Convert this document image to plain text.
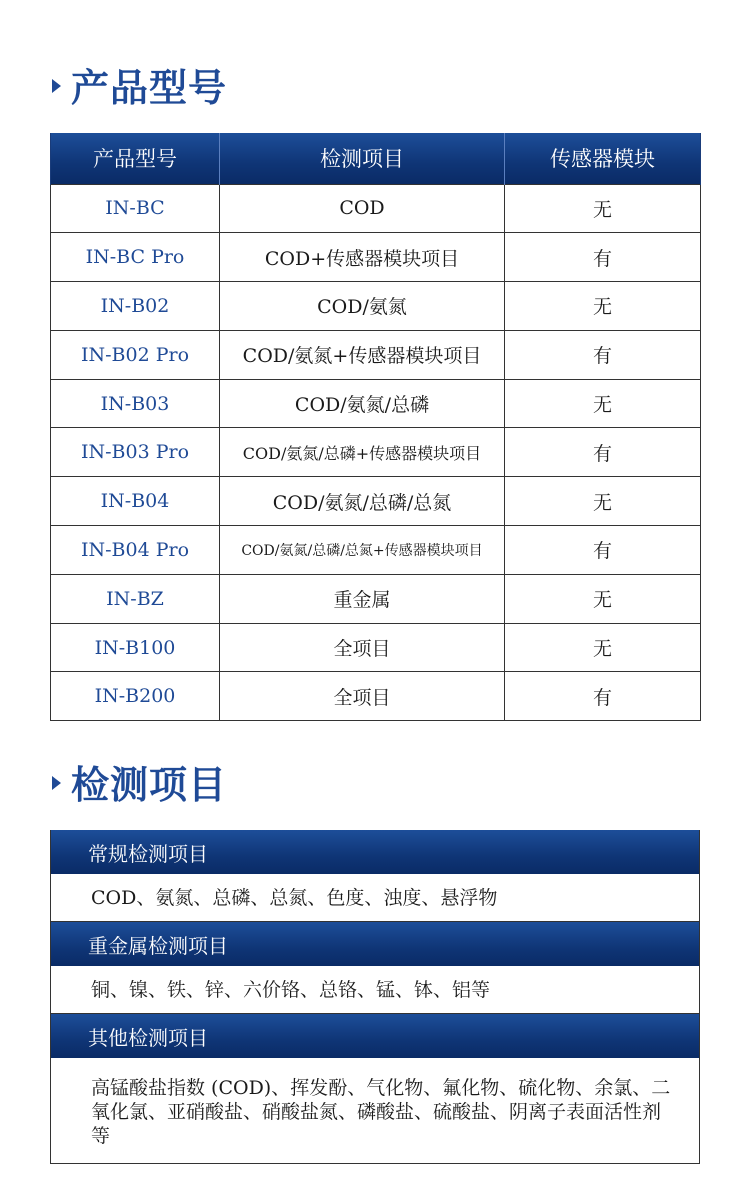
产品型号
产品型号	检测项目	传感器模块
IN-BC	COD	无
IN-BC Pro	COD+传感器模块项目	有
IN-B02	COD/氨氮	无
IN-B02 Pro	COD/氨氮+传感器模块项目	有
IN-B03	COD/氨氮/总磷	无
IN-B03 Pro	COD/氨氮/总磷+传感器模块项目	有
IN-B04	COD/氨氮/总磷/总氮	无
IN-B04 Pro	COD/氨氮/总磷/总氮+传感器模块项目	有
IN-BZ	重金属	无
IN-B100	全项目	无
IN-B200	全项目	有
检测项目
常规检测项目
COD、氨氮、总磷、总氮、色度、浊度、悬浮物
重金属检测项目
铜、镍、铁、锌、六价铬、总铬、锰、钵、铝等
其他检测项目
高锰酸盐指数 (COD)、挥发酚、气化物、氟化物、硫化物、余氯、二氧化氯、亚硝酸盐、硝酸盐氮、磷酸盐、硫酸盐、阴离子表面活性剂等
